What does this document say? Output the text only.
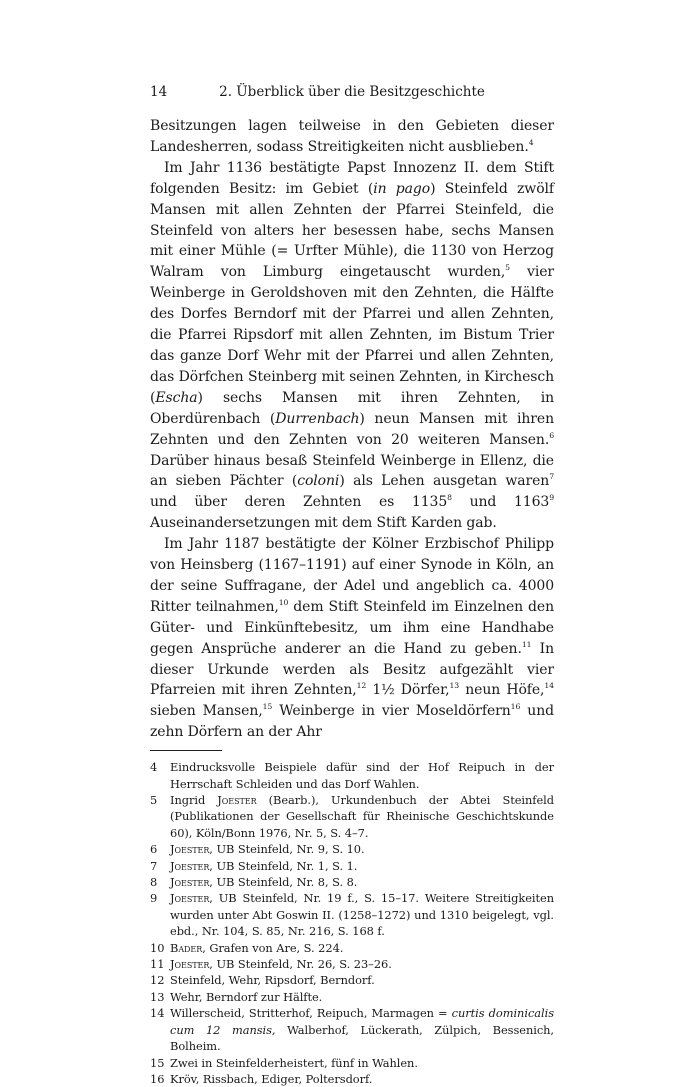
14	2. Überblick über die Besitzgeschichte

Besitzungen lagen teilweise in den Gebieten dieser Landesherren, sodass Streitigkeiten nicht ausblieben.$^4$

Im Jahr 1136 bestätigte Papst Innozenz II. dem Stift folgenden Besitz: im Gebiet (in pago) Steinfeld zwölf Mansen mit allen Zehnten der Pfarrei Steinfeld, die Steinfeld von alters her besessen habe, sechs Mansen mit einer Mühle (= Urfter Mühle), die 1130 von Herzog Walram von Limburg eingetauscht wurden,$^5$ vier Weinberge in Geroldshoven mit den Zehnten, die Hälfte des Dorfes Berndorf mit der Pfarrei und allen Zehnten, die Pfarrei Ripsdorf mit allen Zehnten, im Bistum Trier das ganze Dorf Wehr mit der Pfarrei und allen Zehnten, das Dörfchen Steinberg mit seinen Zehnten, in Kirchesch (Escha) sechs Mansen mit ihren Zehnten, in Oberdürenbach (Durrenbach) neun Mansen mit ihren Zehnten und den Zehnten von 20 weiteren Mansen.$^6$ Darüber hinaus besaß Steinfeld Weinberge in Ellenz, die an sieben Pächter (coloni) als Lehen ausgetan waren$^7$ und über deren Zehnten es 1135$^8$ und 1163$^9$ Auseinandersetzungen mit dem Stift Karden gab.

Im Jahr 1187 bestätigte der Kölner Erzbischof Philipp von Heinsberg (1167–1191) auf einer Synode in Köln, an der seine Suffragane, der Adel und angeblich ca. 4000 Ritter teilnahmen,$^{10}$ dem Stift Steinfeld im Einzelnen den Güter- und Einkünftebesitz, um ihm eine Handhabe gegen Ansprüche anderer an die Hand zu geben.$^{11}$ In dieser Urkunde werden als Besitz aufgezählt vier Pfarreien mit ihren Zehnten,$^{12}$ 1½ Dörfer,$^{13}$ neun Höfe,$^{14}$ sieben Mansen,$^{15}$ Weinberge in vier Moseldörfern$^{16}$ und zehn Dörfern an der Ahr

4	Eindrucksvolle Beispiele dafür sind der Hof Reipuch in der Herrschaft Schleiden und das Dorf Wahlen.
5	Ingrid Joester (Bearb.), Urkundenbuch der Abtei Steinfeld (Publikationen der Gesellschaft für Rheinische Geschichtskunde 60), Köln/Bonn 1976, Nr. 5, S. 4–7.
6	Joester, UB Steinfeld, Nr. 9, S. 10.
7	Joester, UB Steinfeld, Nr. 1, S. 1.
8	Joester, UB Steinfeld, Nr. 8, S. 8.
9	Joester, UB Steinfeld, Nr. 19 f., S. 15–17. Weitere Streitigkeiten wurden unter Abt Goswin II. (1258–1272) und 1310 beigelegt, vgl. ebd., Nr. 104, S. 85, Nr. 216, S. 168 f.
10 Bader, Grafen von Are, S. 224.
11 Joester, UB Steinfeld, Nr. 26, S. 23–26.
12 Steinfeld, Wehr, Ripsdorf, Berndorf.
13 Wehr, Berndorf zur Hälfte.
14 Willerscheid, Stritterhof, Reipuch, Marmagen = curtis dominicalis cum 12 mansis, Walberhof, Lückerath, Zülpich, Bessenich, Bolheim.
15 Zwei in Steinfelderheistert, fünf in Wahlen.
16 Kröv, Rissbach, Ediger, Poltersdorf.
